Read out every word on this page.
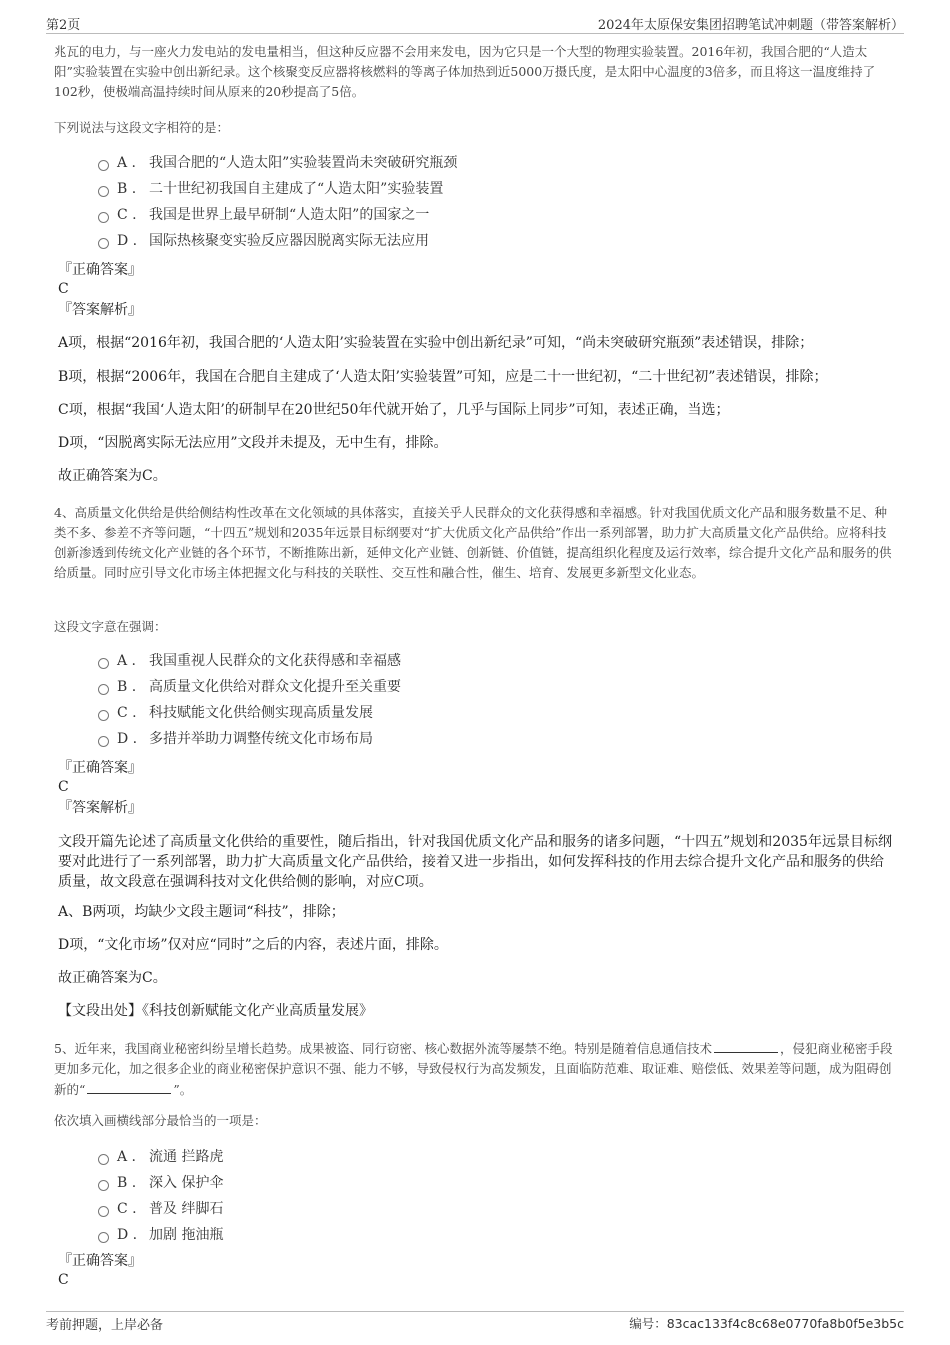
第2页	2024年太原保安集团招聘笔试冲刺题（带答案解析）

兆瓦的电力，与一座火力发电站的发电量相当，但这种反应器不会用来发电，因为它只是一个大型的物理实验装置。2016年初，我国合肥的“人造太阳”实验装置在实验中创出新纪录。这个核聚变反应器将核燃料的等离子体加热到近5000万摄氏度，是太阳中心温度的3倍多，而且将这一温度维持了102秒，使极端高温持续时间从原来的20秒提高了5倍。

下列说法与这段文字相符的是：

A . 我国合肥的“人造太阳”实验装置尚未突破研究瓶颈
B . 二十世纪初我国自主建成了“人造太阳”实验装置
C . 我国是世界上最早研制“人造太阳”的国家之一
D . 国际热核聚变实验反应器因脱离实际无法应用

『正确答案』

C

『答案解析』

A项，根据“2016年初，我国合肥的‘人造太阳’实验装置在实验中创出新纪录”可知，“尚未突破研究瓶颈”表述错误，排除；

B项，根据“2006年，我国在合肥自主建成了‘人造太阳’实验装置”可知，应是二十一世纪初，“二十世纪初”表述错误，排除；

C项，根据“我国‘人造太阳’的研制早在20世纪50年代就开始了，几乎与国际上同步”可知，表述正确，当选；

D项，“因脱离实际无法应用”文段并未提及，无中生有，排除。

故正确答案为C。

4、高质量文化供给是供给侧结构性改革在文化领域的具体落实，直接关乎人民群众的文化获得感和幸福感。针对我国优质文化产品和服务数量不足、种类不多、参差不齐等问题，“十四五”规划和2035年远景目标纲要对“扩大优质文化产品供给”作出一系列部署，助力扩大高质量文化产品供给。应将科技创新渗透到传统文化产业链的各个环节，不断推陈出新，延伸文化产业链、创新链、价值链，提高组织化程度及运行效率，综合提升文化产品和服务的供给质量。同时应引导文化市场主体把握文化与科技的关联性、交互性和融合性，催生、培育、发展更多新型文化业态。

这段文字意在强调：

A . 我国重视人民群众的文化获得感和幸福感
B . 高质量文化供给对群众文化提升至关重要
C . 科技赋能文化供给侧实现高质量发展
D . 多措并举助力调整传统文化市场布局

『正确答案』

C

『答案解析』

文段开篇先论述了高质量文化供给的重要性，随后指出，针对我国优质文化产品和服务的诸多问题，“十四五”规划和2035年远景目标纲要对此进行了一系列部署，助力扩大高质量文化产品供给，接着又进一步指出，如何发挥科技的作用去综合提升文化产品和服务的供给质量，故文段意在强调科技对文化供给侧的影响，对应C项。

A、B两项，均缺少文段主题词“科技”，排除；

D项，“文化市场”仅对应“同时”之后的内容，表述片面，排除。

故正确答案为C。

【文段出处】《科技创新赋能文化产业高质量发展》

5、近年来，我国商业秘密纠纷呈增长趋势。成果被盗、同行窃密、核心数据外流等屡禁不绝。特别是随着信息通信技术	，侵犯商业秘密手段更加多元化，加之很多企业的商业秘密保护意识不强、能力不够，导致侵权行为高发频发，且面临防范难、取证难、赔偿低、效果差等问题，成为阻碍创新的“	”。

依次填入画横线部分最恰当的一项是：

A . 流通 拦路虎
B . 深入 保护伞
C . 普及 绊脚石
D . 加剧 拖油瓶

『正确答案』

C

考前押题，上岸必备	编号：83cac133f4c8c68e0770fa8b0f5e3b5c
